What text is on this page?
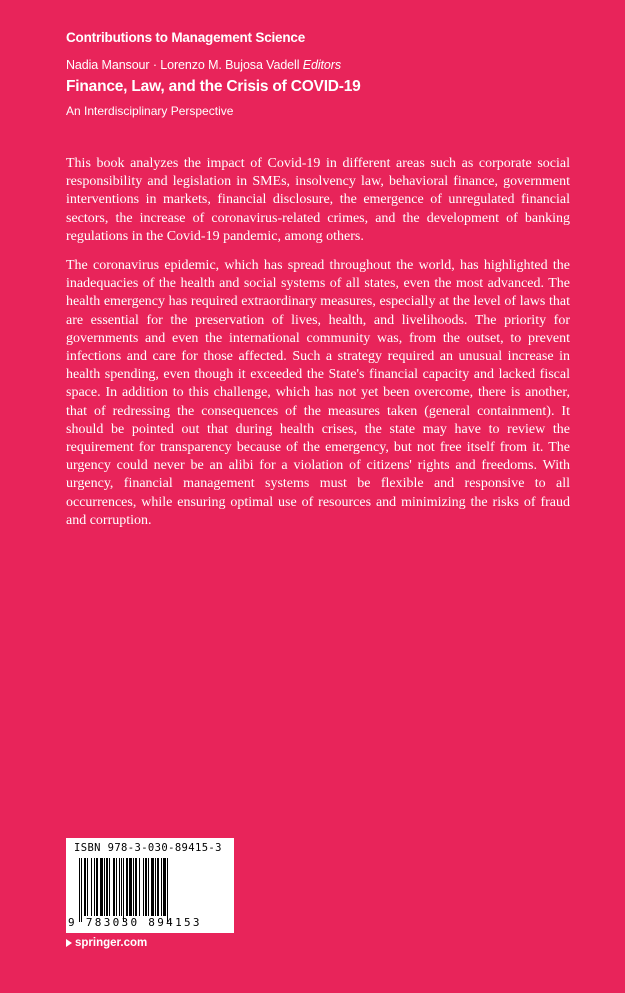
Contributions to Management Science
Nadia Mansour · Lorenzo M. Bujosa Vadell Editors
Finance, Law, and the Crisis of COVID-19
An Interdisciplinary Perspective

This book analyzes the impact of Covid-19 in different areas such as corporate social responsibility and legislation in SMEs, insolvency law, behavioral finance, government interventions in markets, financial disclosure, the emergence of unregulated financial sectors, the increase of coronavirus-related crimes, and the development of banking regulations in the Covid-19 pandemic, among others.

The coronavirus epidemic, which has spread throughout the world, has highlighted the inadequacies of the health and social systems of all states, even the most advanced. The health emergency has required extraordinary measures, especially at the level of laws that are essential for the preservation of lives, health, and livelihoods. The priority for governments and even the international community was, from the outset, to prevent infections and care for those affected. Such a strategy required an unusual increase in health spending, even though it exceeded the State's financial capacity and lacked fiscal space. In addition to this challenge, which has not yet been overcome, there is another, that of redressing the consequences of the measures taken (general containment). It should be pointed out that during health crises, the state may have to review the requirement for transparency because of the emergency, but not free itself from it. The urgency could never be an alibi for a violation of citizens' rights and freedoms. With urgency, financial management systems must be flexible and responsive to all occurrences, while ensuring optimal use of resources and minimizing the risks of fraud and corruption.

ISBN 978-3-030-89415-3
9 783030 894153
springer.com
